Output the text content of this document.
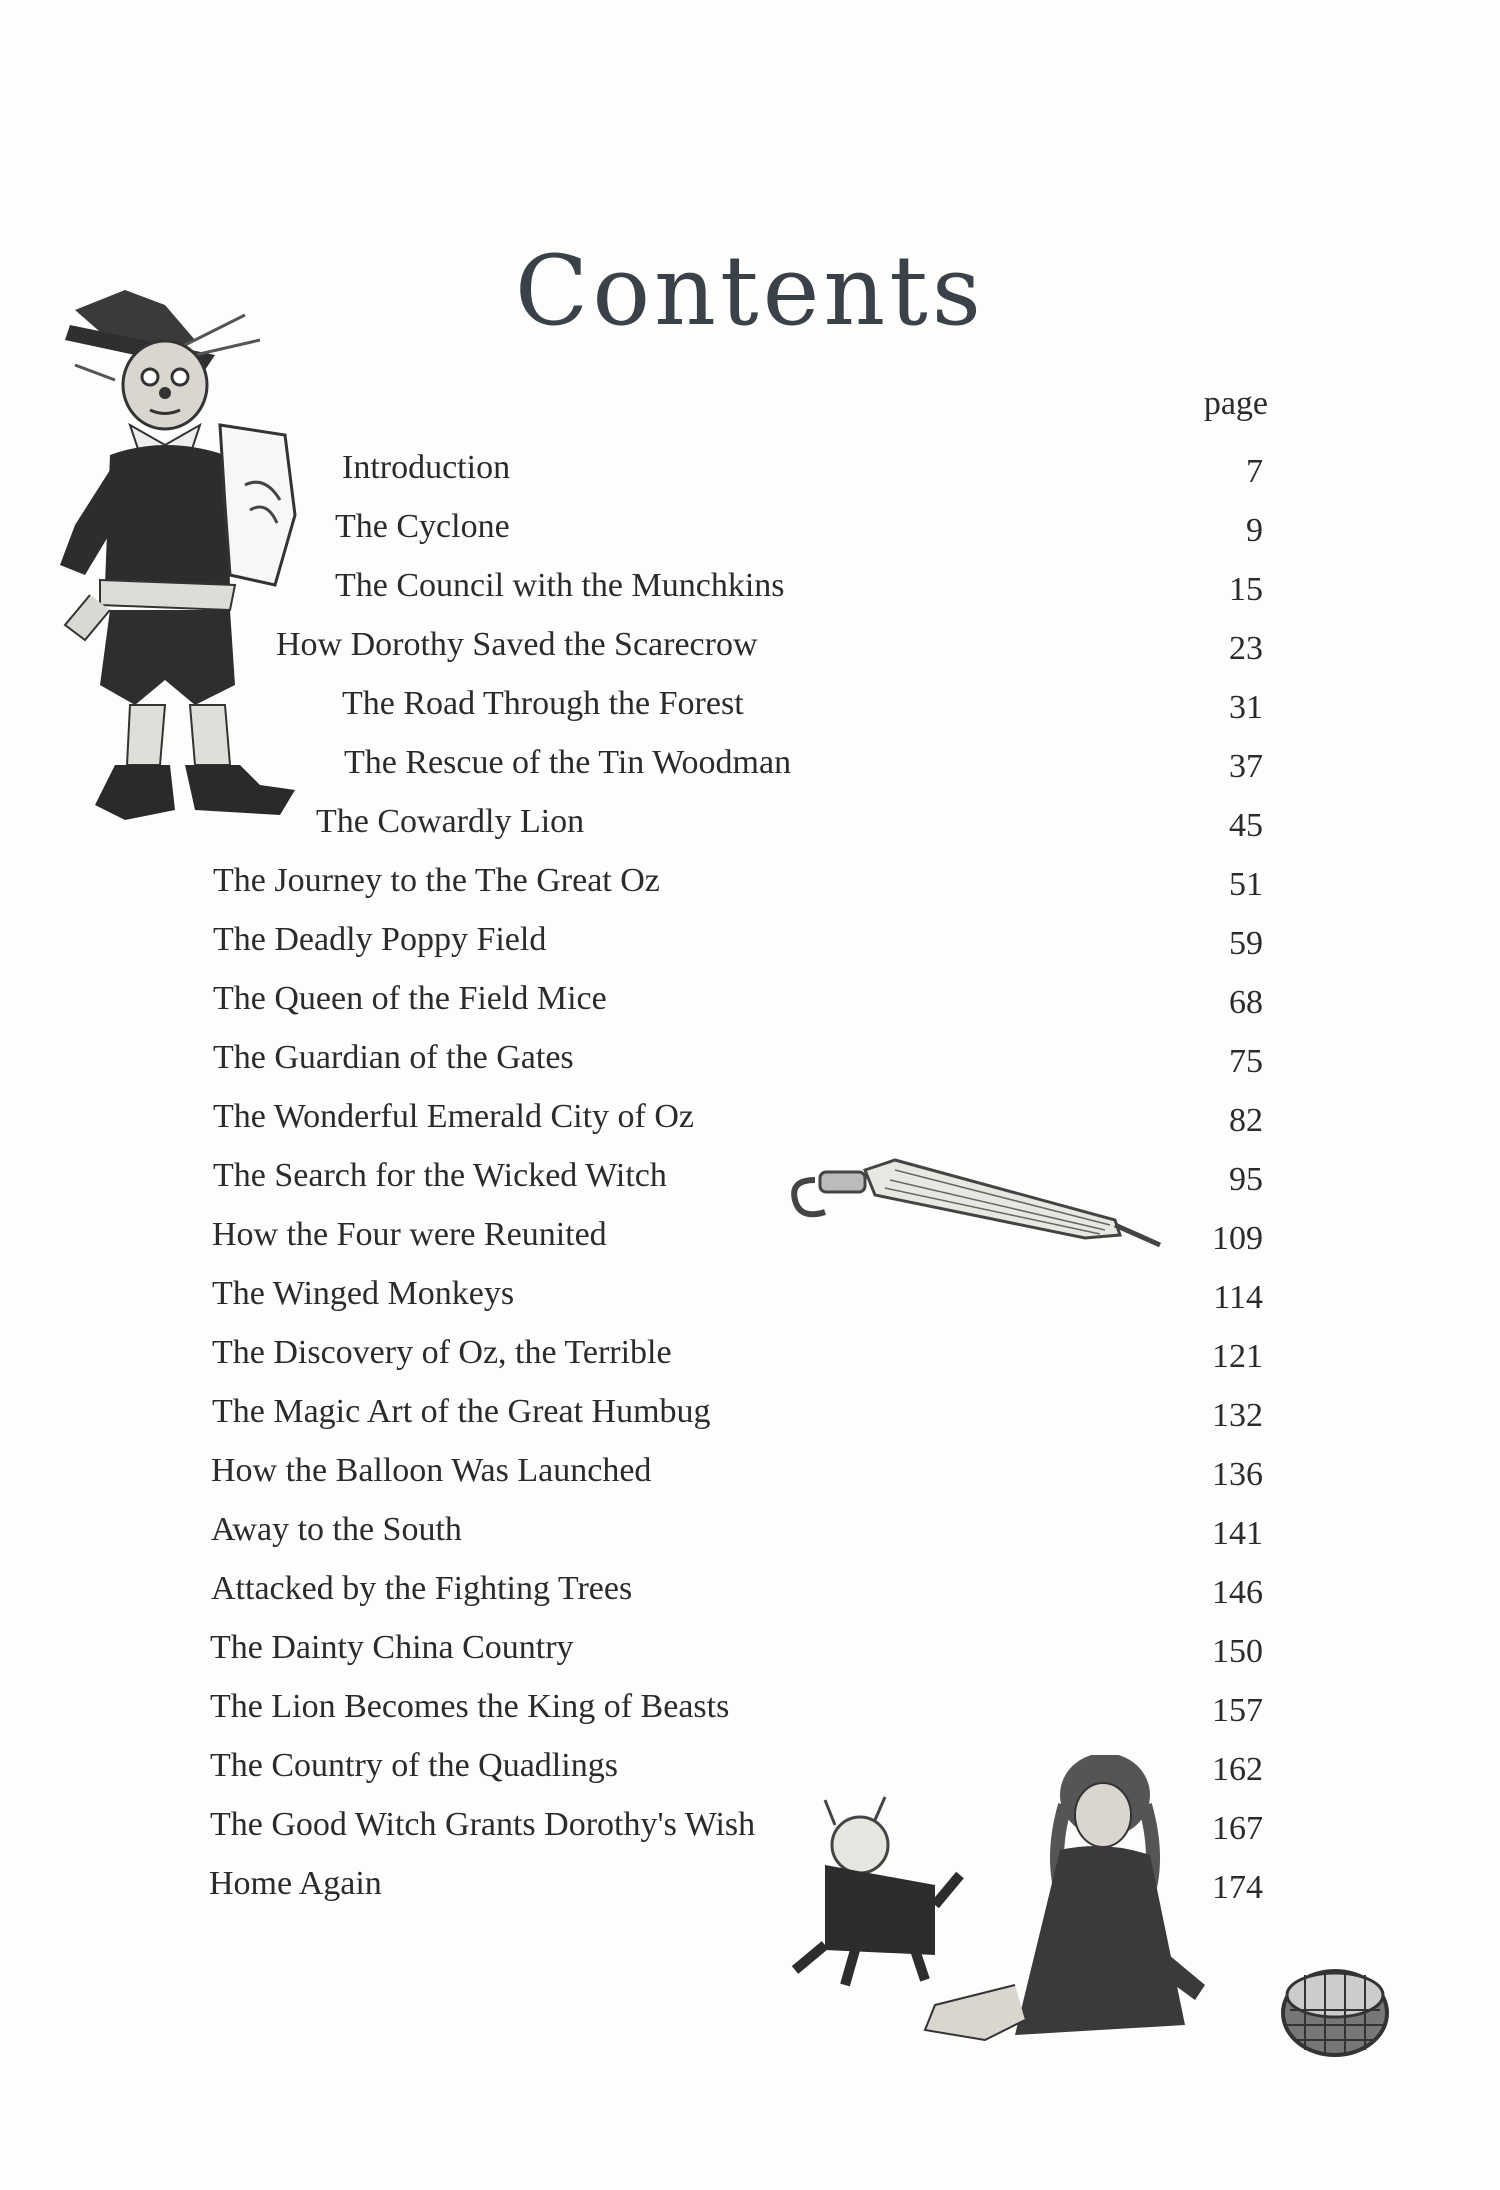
Contents
page
Introduction	7
The Cyclone	9
The Council with the Munchkins	15
How Dorothy Saved the Scarecrow	23
The Road Through the Forest	31
The Rescue of the Tin Woodman	37
The Cowardly Lion	45
The Journey to the The Great Oz	51
The Deadly Poppy Field	59
The Queen of the Field Mice	68
The Guardian of the Gates	75
The Wonderful Emerald City of Oz	82
The Search for the Wicked Witch	95
How the Four were Reunited	109
The Winged Monkeys	114
The Discovery of Oz, the Terrible	121
The Magic Art of the Great Humbug	132
How the Balloon Was Launched	136
Away to the South	141
Attacked by the Fighting Trees	146
The Dainty China Country	150
The Lion Becomes the King of Beasts	157
The Country of the Quadlings	162
The Good Witch Grants Dorothy's Wish	167
Home Again	174
